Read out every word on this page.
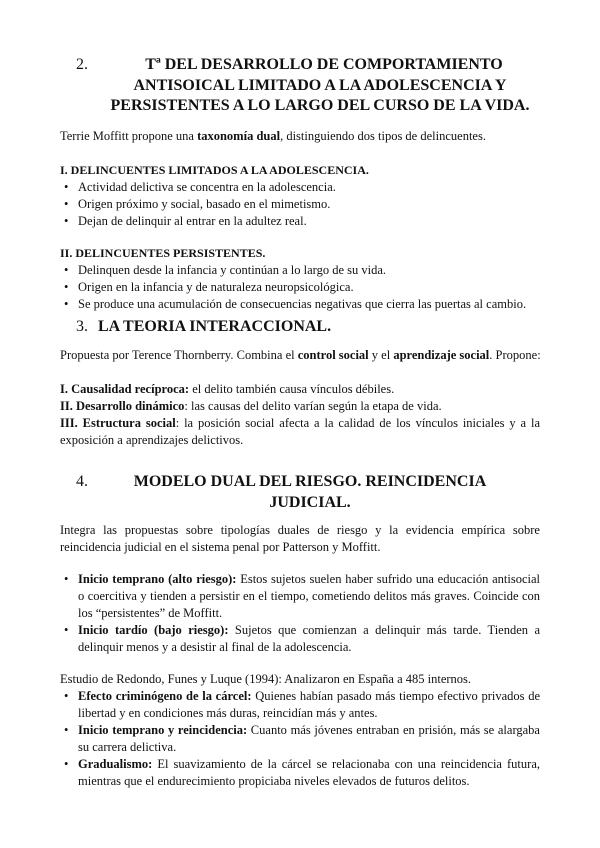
2.	Tª DEL DESARROLLO DE COMPORTAMIENTO
ANTISOICAL LIMITADO A LA ADOLESCENCIA Y
PERSISTENTES A LO LARGO DEL CURSO DE LA VIDA.
Terrie Moffitt propone una taxonomía dual, distinguiendo dos tipos de delincuentes.
I. DELINCUENTES LIMITADOS A LA ADOLESCENCIA.
• Actividad delictiva se concentra en la adolescencia.
• Origen próximo y social, basado en el mimetismo.
• Dejan de delinquir al entrar en la adultez real.
II. DELINCUENTES PERSISTENTES.
• Delinquen desde la infancia y continúan a lo largo de su vida.
• Origen en la infancia y de naturaleza neuropsicológica.
• Se produce una acumulación de consecuencias negativas que cierra las puertas al cambio.
3. LA TEORIA INTERACCIONAL.
Propuesta por Terence Thornberry. Combina el control social y el aprendizaje social. Propone:
I. Causalidad recíproca: el delito también causa vínculos débiles.
II. Desarrollo dinámico: las causas del delito varían según la etapa de vida.
III. Estructura social: la posición social afecta a la calidad de los vínculos iniciales y a la exposición a aprendizajes delictivos.
4.	MODELO DUAL DEL RIESGO. REINCIDENCIA
JUDICIAL.
Integra las propuestas sobre tipologías duales de riesgo y la evidencia empírica sobre reincidencia judicial en el sistema penal por Patterson y Moffitt.
• Inicio temprano (alto riesgo): Estos sujetos suelen haber sufrido una educación antisocial o coercitiva y tienden a persistir en el tiempo, cometiendo delitos más graves. Coincide con los “persistentes” de Moffitt.
• Inicio tardío (bajo riesgo): Sujetos que comienzan a delinquir más tarde. Tienden a delinquir menos y a desistir al final de la adolescencia.
Estudio de Redondo, Funes y Luque (1994): Analizaron en España a 485 internos.
• Efecto criminógeno de la cárcel: Quienes habían pasado más tiempo efectivo privados de libertad y en condiciones más duras, reincidían más y antes.
• Inicio temprano y reincidencia: Cuanto más jóvenes entraban en prisión, más se alargaba su carrera delictiva.
• Gradualismo: El suavizamiento de la cárcel se relacionaba con una reincidencia futura, mientras que el endurecimiento propiciaba niveles elevados de futuros delitos.
